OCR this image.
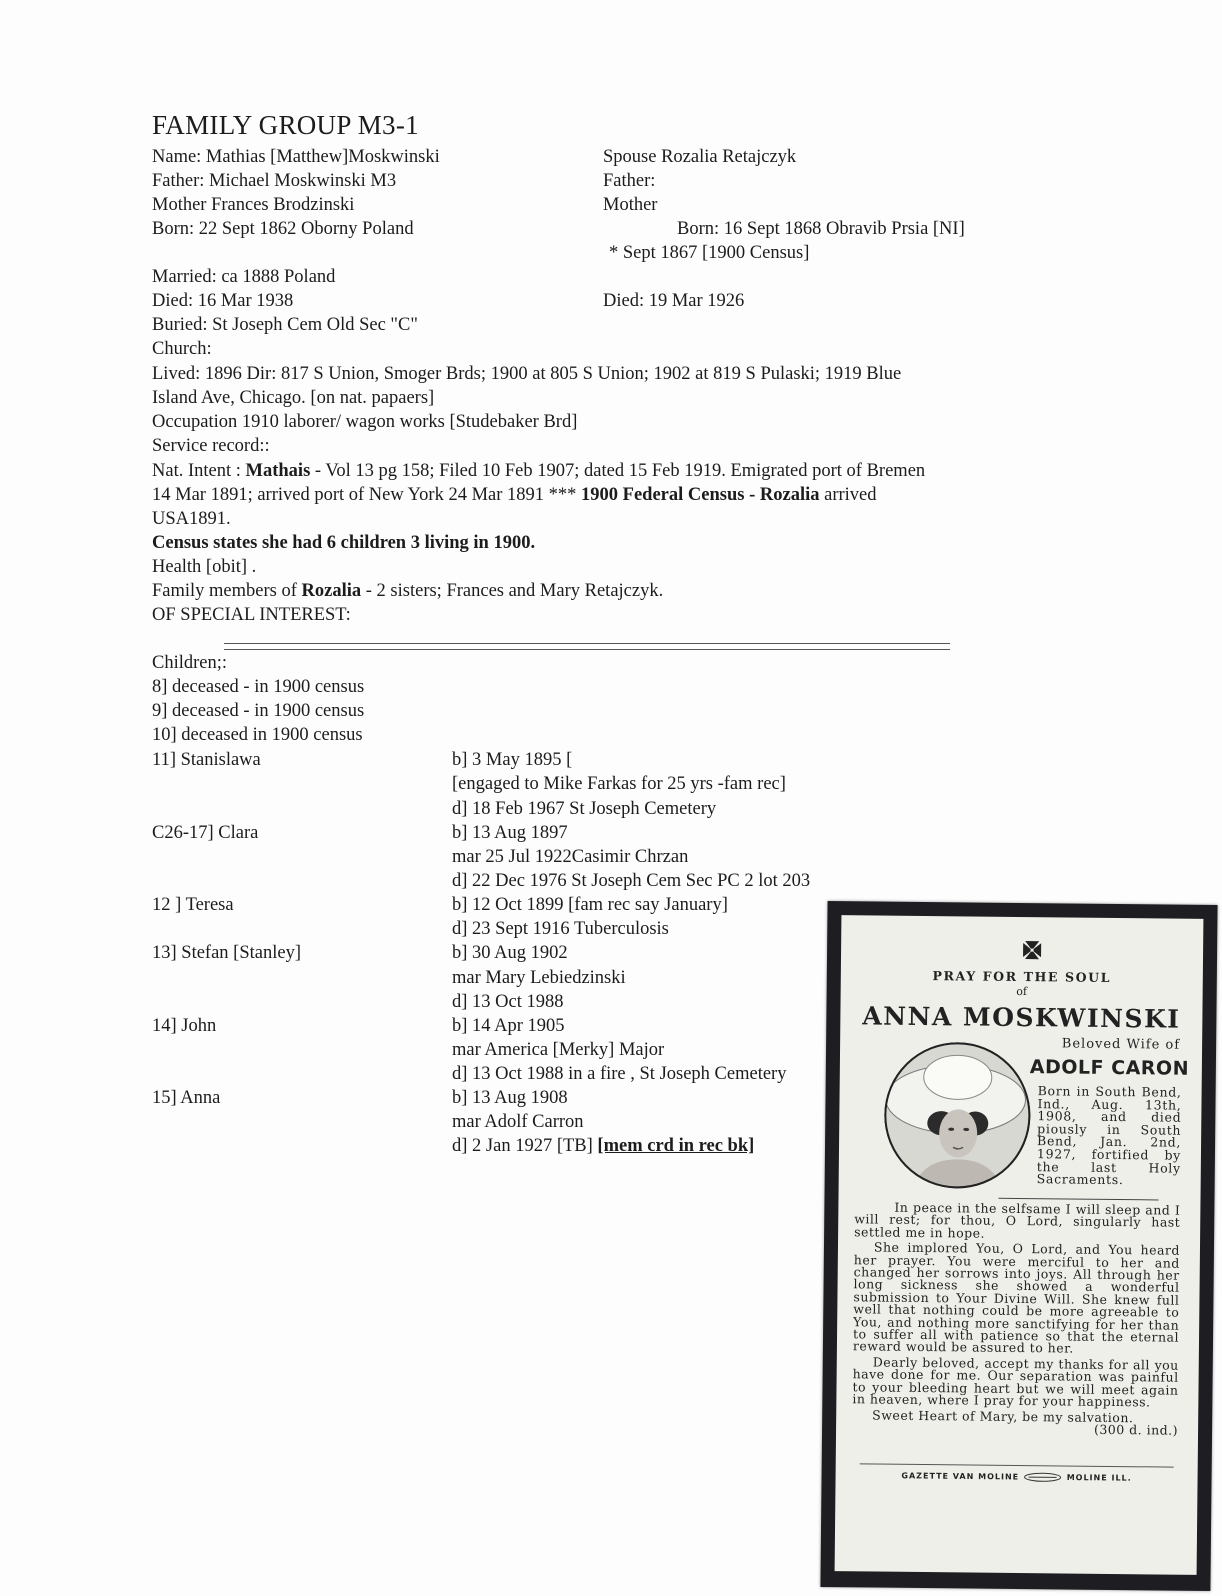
FAMILY GROUP M3-1
Name: Mathias [Matthew]Moskwinski
Father: Michael Moskwinski M3
Mother Frances Brodzinski
Born: 22 Sept 1862 Oborny Poland
Married: ca 1888 Poland
Died: 16 Mar 1938
Buried: St Joseph Cem Old Sec "C"
Church:
Spouse Rozalia Retajczyk
Father:
Mother
Born: 16 Sept 1868 Obravib Prsia [NI]
* Sept 1867 [1900 Census]
Died: 19 Mar 1926
Lived: 1896 Dir: 817 S Union, Smoger Brds; 1900 at 805 S Union; 1902 at 819 S Pulaski; 1919 Blue
Island Ave, Chicago. [on nat. papaers]
Occupation 1910 laborer/ wagon works [Studebaker Brd]
Service record::
Nat. Intent : Mathais - Vol 13 pg 158; Filed 10 Feb 1907; dated 15 Feb 1919. Emigrated port of Bremen
14 Mar 1891; arrived port of New York 24 Mar 1891 *** 1900 Federal Census - Rozalia arrived
USA1891.
Census states she had 6 children 3 living in 1900.
Health [obit] .
Family members of Rozalia - 2 sisters; Frances and Mary Retajczyk.
OF SPECIAL INTEREST:
Children;:
8] deceased - in 1900 census
9] deceased - in 1900 census
10] deceased in 1900 census
11] Stanislawa
C26-17] Clara
12 ] Teresa
13] Stefan [Stanley]
14] John
15] Anna
b] 3 May 1895 [
[engaged to Mike Farkas for 25 yrs -fam rec]
d] 18 Feb 1967 St Joseph Cemetery
b] 13 Aug 1897
mar 25 Jul 1922Casimir Chrzan
d] 22 Dec 1976 St Joseph Cem Sec PC 2 lot 203
b] 12 Oct 1899 [fam rec say January]
d] 23 Sept 1916 Tuberculosis
b] 30 Aug 1902
mar Mary Lebiedzinski
d] 13 Oct 1988
b] 14 Apr 1905
mar America [Merky] Major
d] 13 Oct 1988 in a fire , St Joseph Cemetery
b] 13 Aug 1908
mar Adolf Carron
d] 2 Jan 1927 [TB] [mem crd in rec bk]
PRAY FOR THE SOUL
of
ANNA MOSKWINSKI
Beloved Wife of
ADOLF CARON
Born in South Bend, Ind., Aug. 13th, 1908, and died piously in South Bend, Jan. 2nd, 1927, fortified by the last Holy Sacraments.

In peace in the selfsame I will sleep and I will rest; for thou, O Lord, singularly hast settled me in hope.

She implored You, O Lord, and You heard her prayer. You were merciful to her and changed her sorrows into joys. All through her long sickness she showed a wonderful submission to Your Divine Will. She knew full well that nothing could be more agreeable to You, and nothing more sanctifying for her than to suffer all with patience so that the eternal reward would be assured to her.

Dearly beloved, accept my thanks for all you have done for me. Our separation was painful to your bleeding heart but we will meet again in heaven, where I pray for your happiness.

Sweet Heart of Mary, be my salvation.

(300 d. ind.)
GAZETTE VAN MOLINE	MOLINE ILL.
